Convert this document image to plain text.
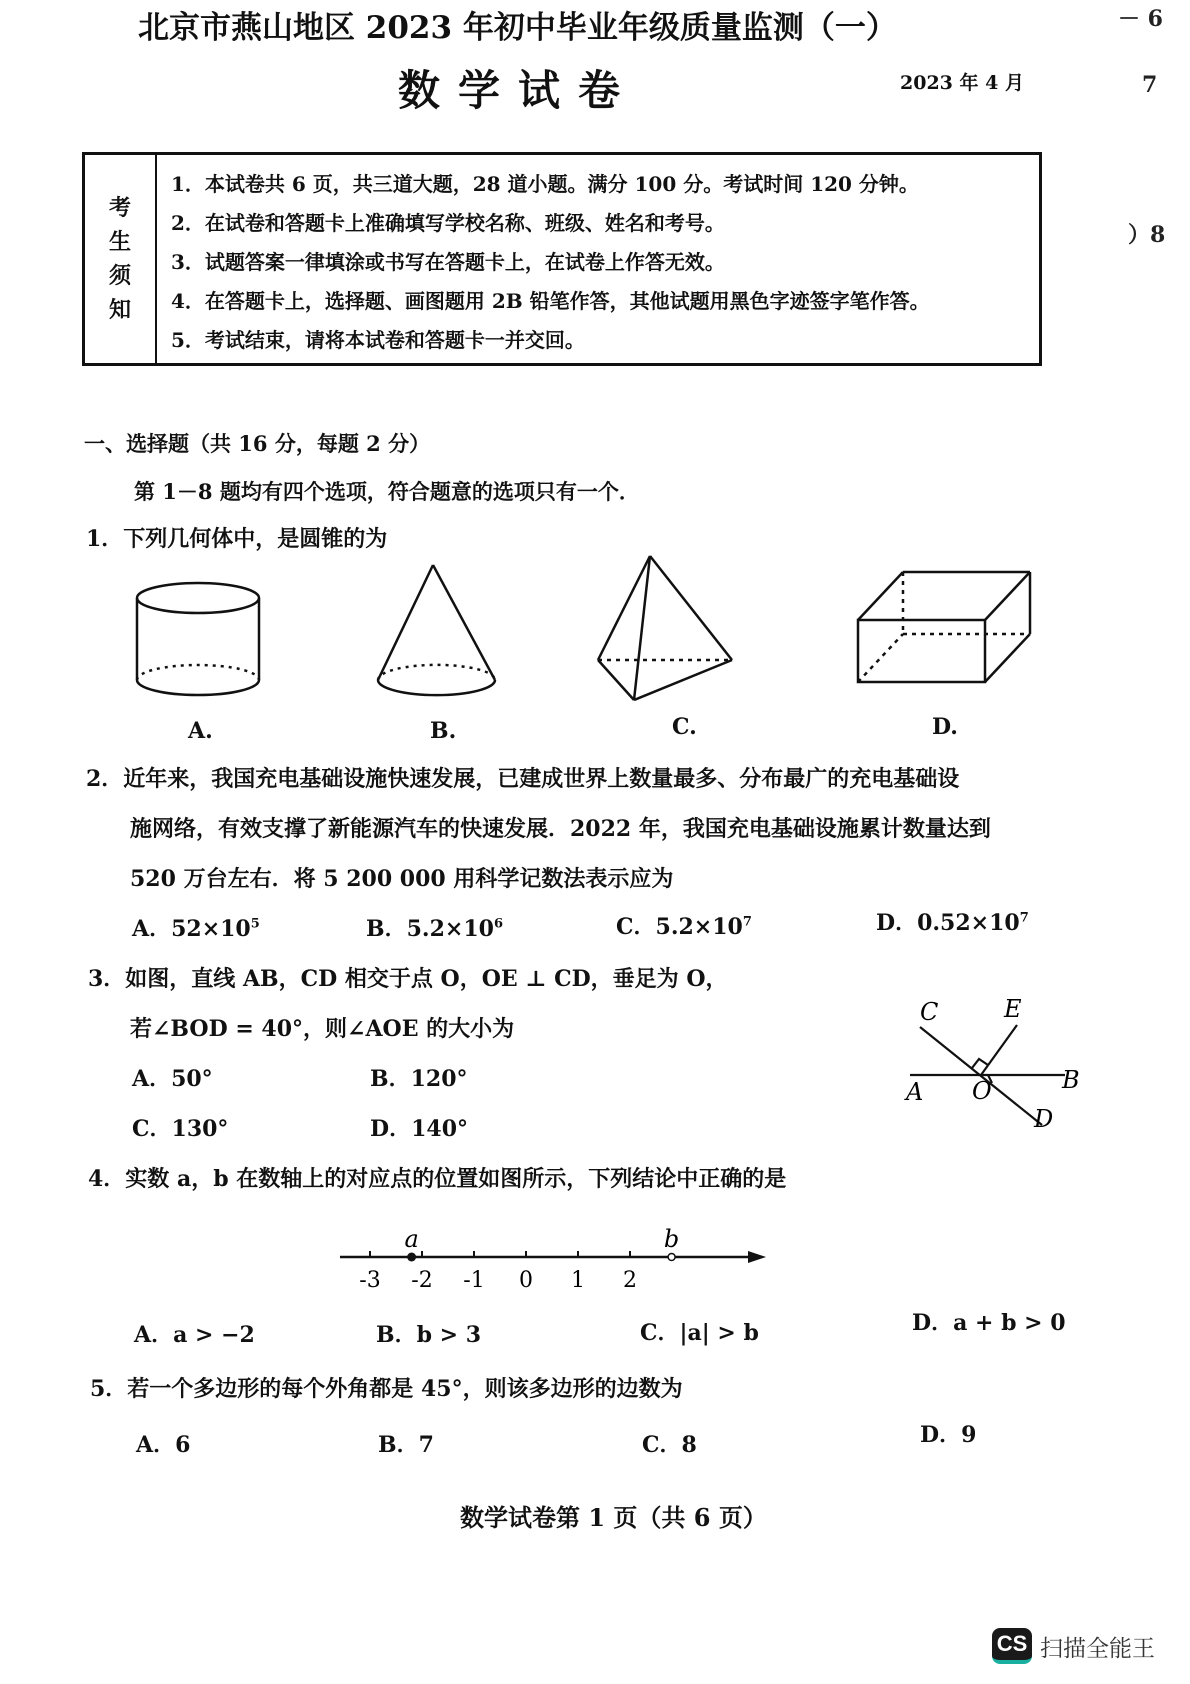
北京市燕山地区 2023 年初中毕业年级质量监测（一）
数学试卷	2023 年 4 月
－ 6
7
）8
考
生
须
知
1．本试卷共 6 页，共三道大题，28 道小题。满分 100 分。考试时间 120 分钟。
2．在试卷和答题卡上准确填写学校名称、班级、姓名和考号。
3．试题答案一律填涂或书写在答题卡上，在试卷上作答无效。
4．在答题卡上，选择题、画图题用 2B 铅笔作答，其他试题用黑色字迹签字笔作答。
5．考试结束，请将本试卷和答题卡一并交回。
一、选择题（共 16 分，每题 2 分）
第 1－8 题均有四个选项，符合题意的选项只有一个．
1．下列几何体中，是圆锥的为
A.	B.	C.	D.
2．近年来，我国充电基础设施快速发展，已建成世界上数量最多、分布最广的充电基础设
施网络，有效支撑了新能源汽车的快速发展．2022 年，我国充电基础设施累计数量达到
520 万台左右．将 5 200 000 用科学记数法表示应为
A．$52\times 10^5$	B．$5.2\times 10^6$	C．$5.2\times 10^7$	D．$0.52\times 10^7$
3．如图，直线 AB，CD 相交于点 O，OE ⊥ CD，垂足为 O，
若∠BOD = 40°，则∠AOE 的大小为
A．50°	B．120°
C．130°	D．140°
C	E
A O	B
D
4．实数 a，b 在数轴上的对应点的位置如图所示，下列结论中正确的是
-3 -2 -1 0 1 2
a	b
A．a > −2	B．b > 3	C．|a| > b	D．a + b > 0
5．若一个多边形的每个外角都是 45°，则该多边形的边数为
A．6	B．7	C．8	D．9
数学试卷第 1 页（共 6 页）
CS 扫描全能王
